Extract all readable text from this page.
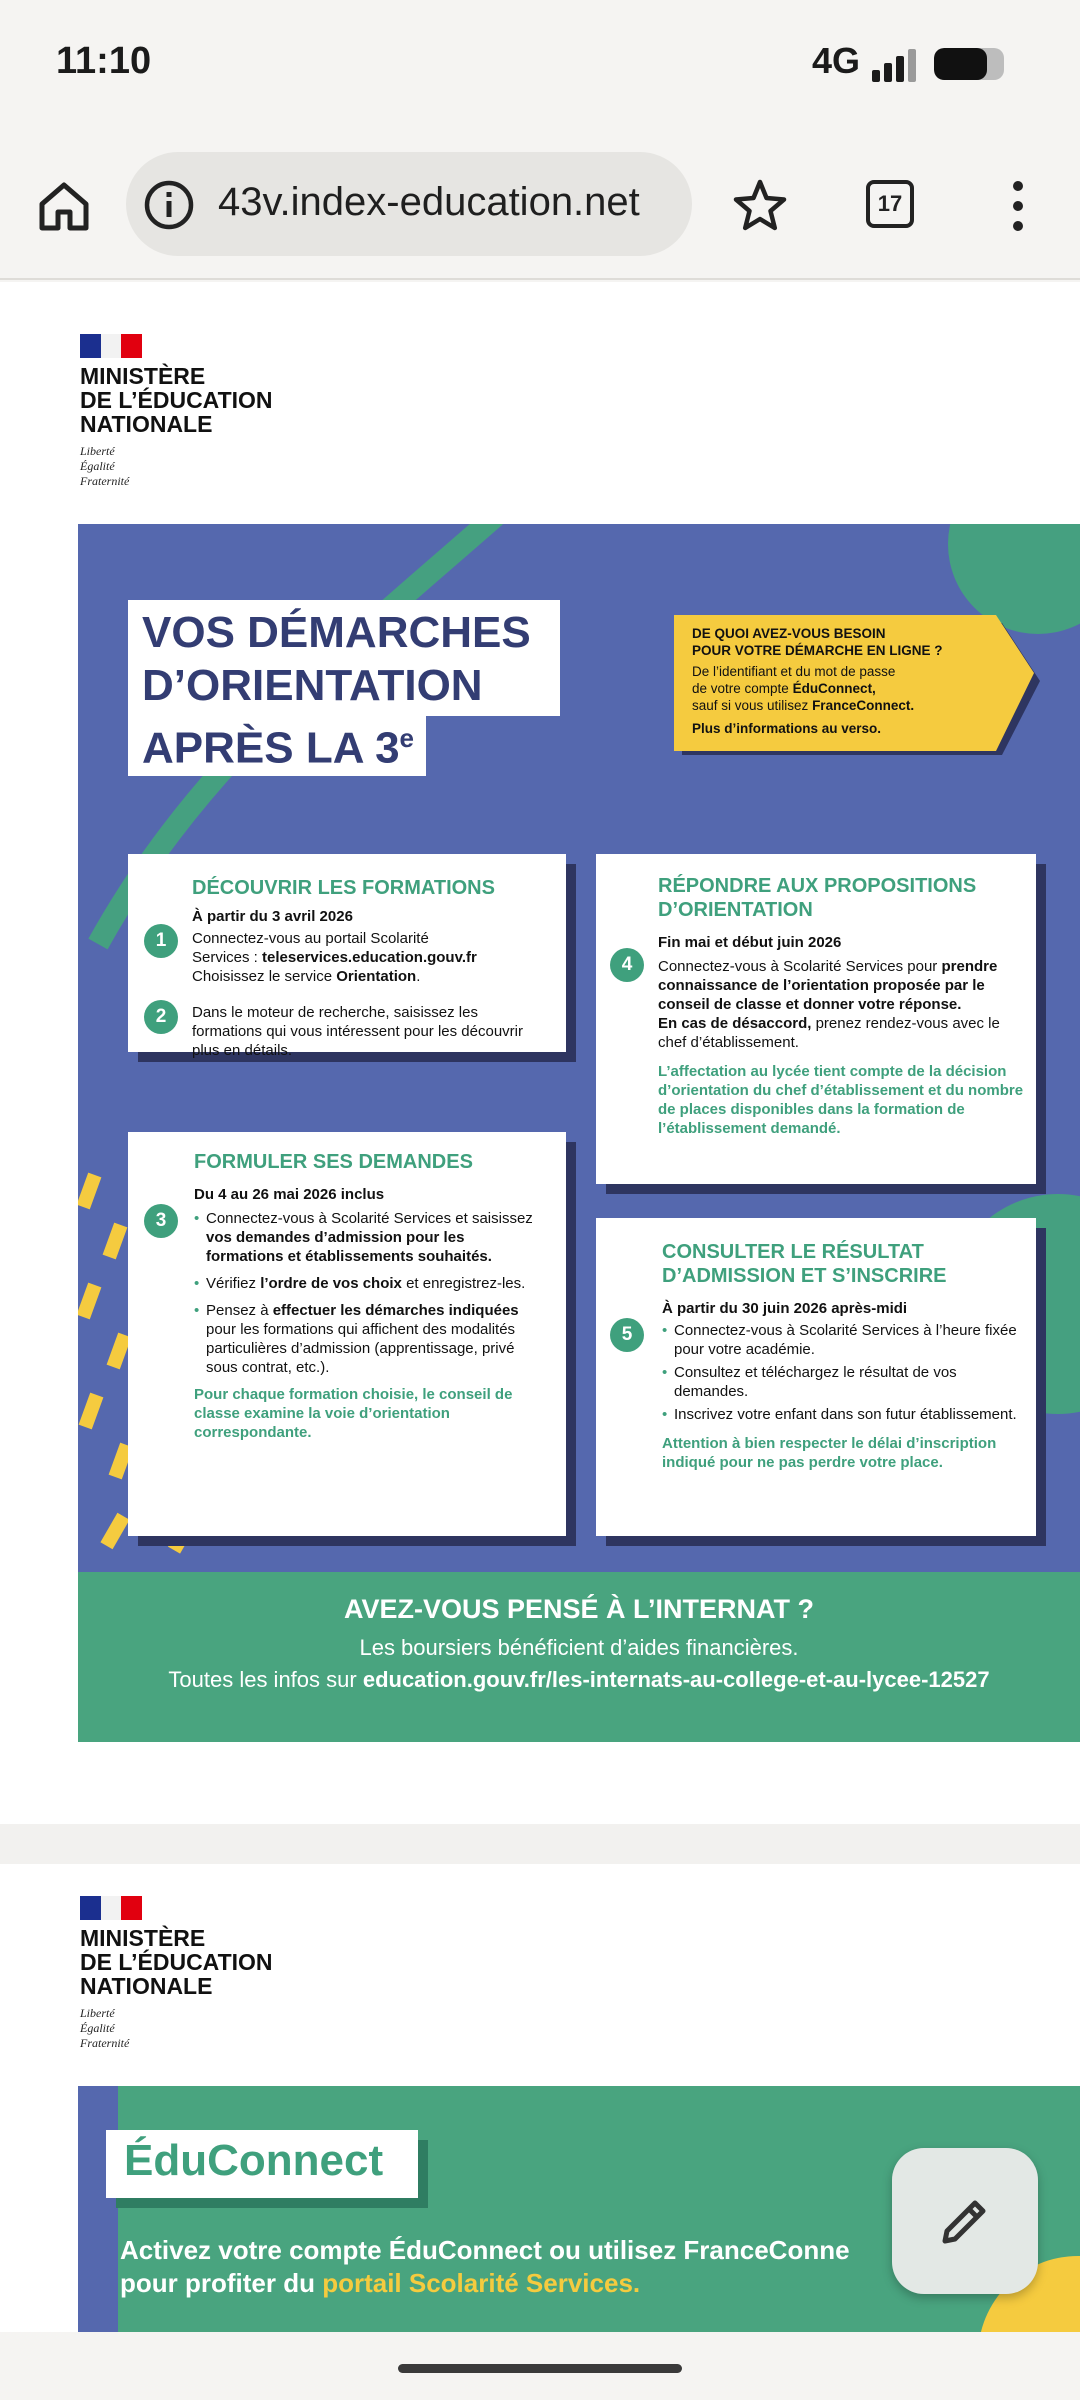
11:10	4G
43v.index-education.net	17
MINISTÈRE
DE L’ÉDUCATION
NATIONALE
Liberté
Égalité
Fraternité
VOS DÉMARCHES
D’ORIENTATION
APRÈS LA 3e
DE QUOI AVEZ-VOUS BESOIN
POUR VOTRE DÉMARCHE EN LIGNE ?
De l’identifiant et du mot de passe
de votre compte ÉduConnect,
sauf si vous utilisez FranceConnect.
Plus d’informations au verso.
1
2
DÉCOUVRIR LES FORMATIONS
À partir du 3 avril 2026
Connectez-vous au portail Scolarité
Services : teleservices.education.gouv.fr
Choisissez le service Orientation.
Dans le moteur de recherche, saisissez les formations qui vous intéressent pour les découvrir plus en détails.
3
FORMULER SES DEMANDES
Du 4 au 26 mai 2026 inclus
• Connectez-vous à Scolarité Services et saisissez vos demandes d’admission pour les formations et établissements souhaités.
• Vérifiez l’ordre de vos choix et enregistrez-les.
• Pensez à effectuer les démarches indiquées pour les formations qui affichent des modalités particulières d’admission (apprentissage, privé sous contrat, etc.).
Pour chaque formation choisie, le conseil de classe examine la voie d’orientation correspondante.
4
RÉPONDRE AUX PROPOSITIONS D’ORIENTATION
Fin mai et début juin 2026
Connectez-vous à Scolarité Services pour prendre connaissance de l’orientation proposée par le conseil de classe et donner votre réponse.
En cas de désaccord, prenez rendez-vous avec le chef d’établissement.
L’affectation au lycée tient compte de la décision d’orientation du chef d’établissement et du nombre de places disponibles dans la formation de l’établissement demandé.
5
CONSULTER LE RÉSULTAT D’ADMISSION ET S’INSCRIRE
À partir du 30 juin 2026 après-midi
• Connectez-vous à Scolarité Services à l’heure fixée pour votre académie.
• Consultez et téléchargez le résultat de vos demandes.
• Inscrivez votre enfant dans son futur établissement.
Attention à bien respecter le délai d’inscription indiqué pour ne pas perdre votre place.
AVEZ-VOUS PENSÉ À L’INTERNAT ?
Les boursiers bénéficient d’aides financières.
Toutes les infos sur education.gouv.fr/les-internats-au-college-et-au-lycee-12527
MINISTÈRE
DE L’ÉDUCATION
NATIONALE
Liberté
Égalité
Fraternité
ÉduConnect
Activez votre compte ÉduConnect ou utilisez FranceConne
pour profiter du portail Scolarité Services.
